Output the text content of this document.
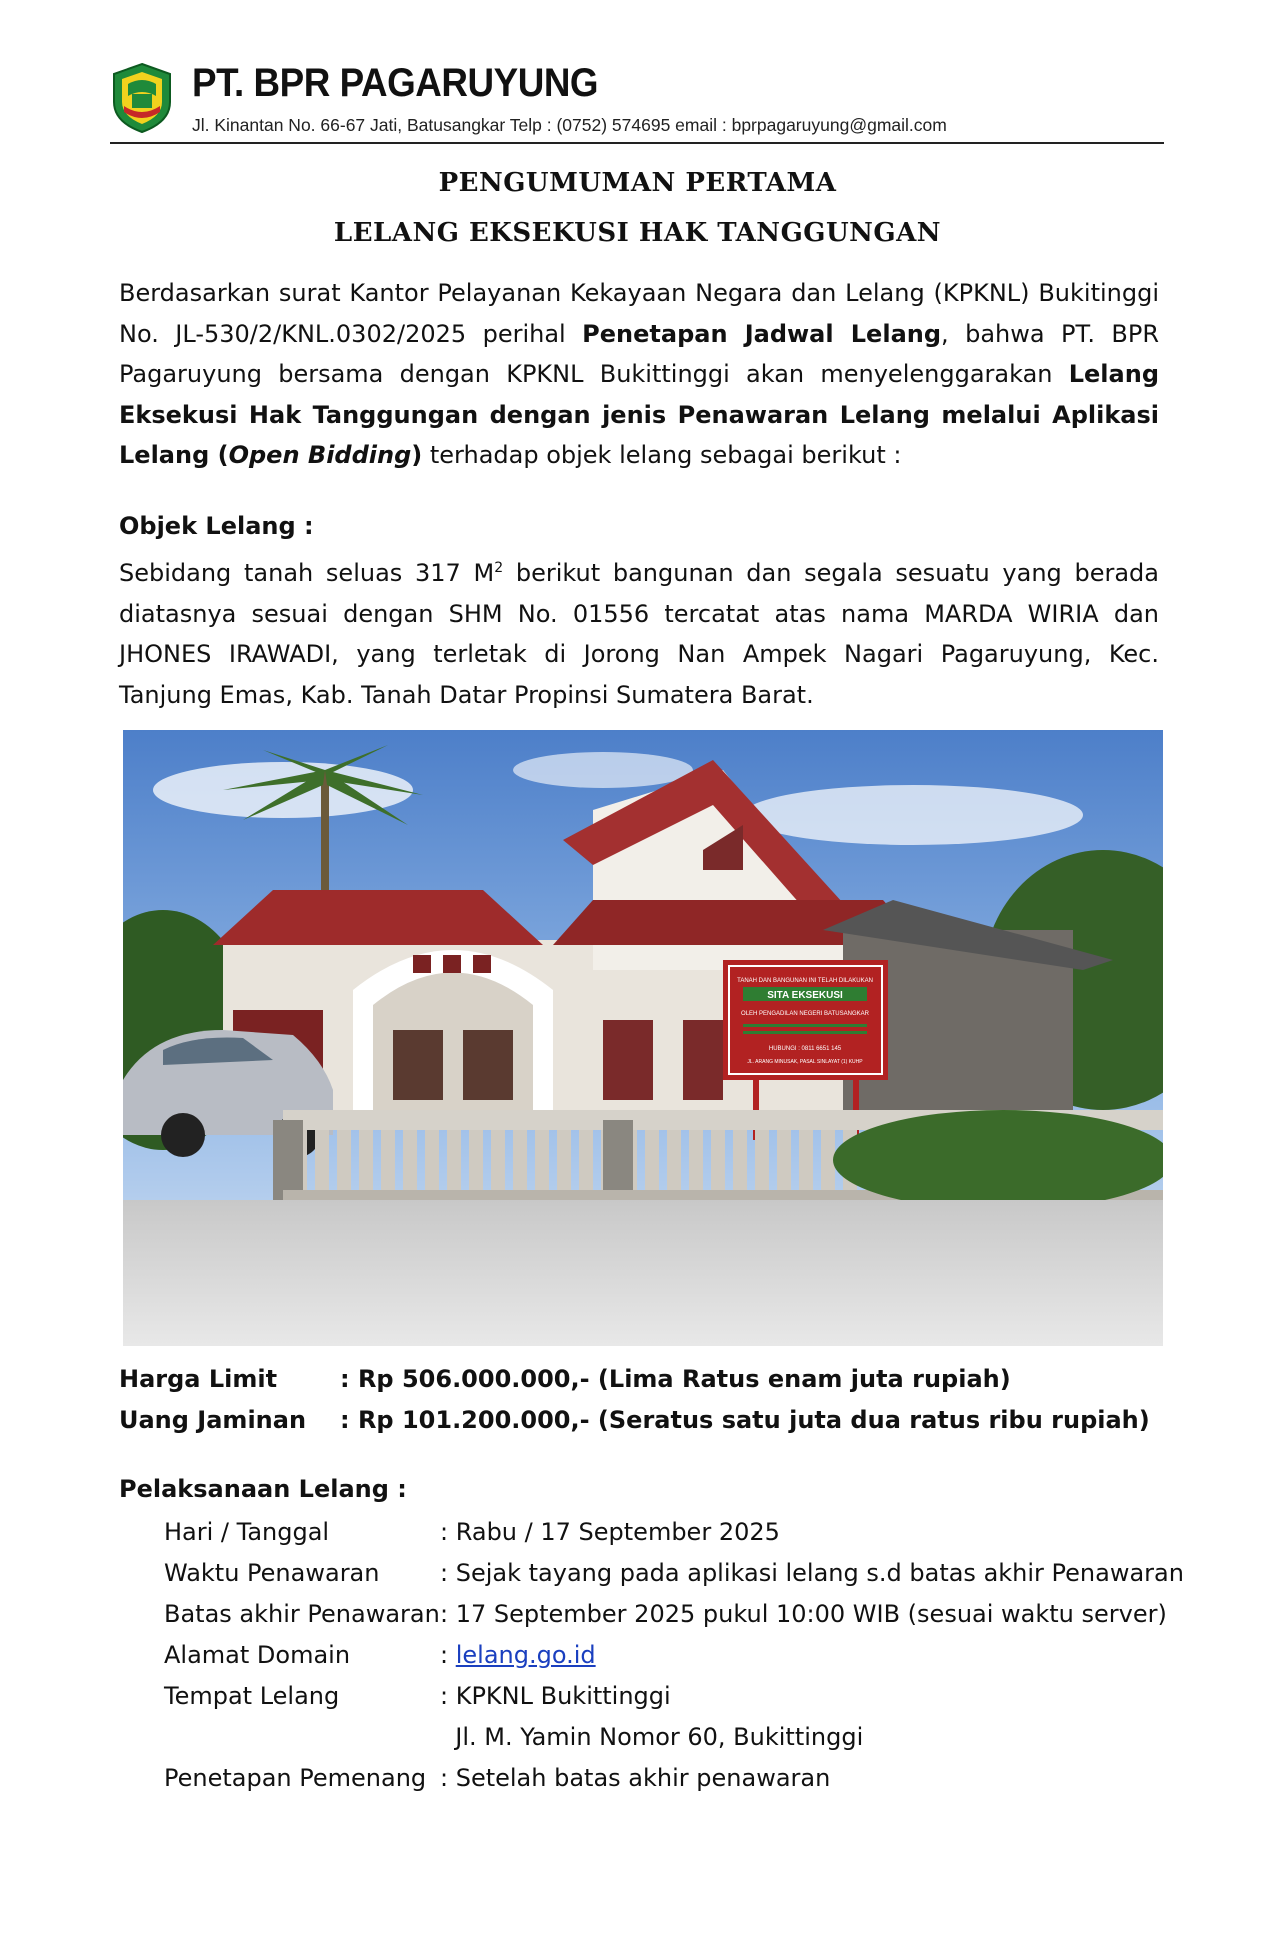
PT. BPR PAGARUYUNG
Jl. Kinantan No. 66-67 Jati, Batusangkar Telp : (0752) 574695 email : bprpagaruyung@gmail.com
PENGUMUMAN PERTAMA
LELANG EKSEKUSI HAK TANGGUNGAN
Berdasarkan surat Kantor Pelayanan Kekayaan Negara dan Lelang (KPKNL) Bukitinggi No. JL-530/2/KNL.0302/2025 perihal Penetapan Jadwal Lelang, bahwa PT. BPR Pagaruyung bersama dengan KPKNL Bukittinggi akan menyelenggarakan Lelang Eksekusi Hak Tanggungan dengan jenis Penawaran Lelang melalui Aplikasi Lelang (Open Bidding) terhadap objek lelang sebagai berikut :
Objek Lelang :
Sebidang tanah seluas 317 $M^2$ berikut bangunan dan segala sesuatu yang berada diatasnya sesuai dengan SHM No. 01556 tercatat atas nama MARDA WIRIA dan JHONES IRAWADI, yang terletak di Jorong Nan Ampek Nagari Pagaruyung, Kec. Tanjung Emas, Kab. Tanah Datar Propinsi Sumatera Barat.
TANAH DAN BANGUNAN INI TELAH DILAKUKAN
SITA EKSEKUSI
OLEH PENGADILAN NEGERI BATUSANGKAR
HUBUNGI : 0811 6651 145
JL. ARANG MINUSAK, PASAL SINLAYAT (1) KUHP
Harga Limit	: Rp 506.000.000,- (Lima Ratus enam juta rupiah)
Uang Jaminan : Rp 101.200.000,- (Seratus satu juta dua ratus ribu rupiah)
Pelaksanaan Lelang :
Hari / Tanggal	: Rabu / 17 September 2025
Waktu Penawaran	: Sejak tayang pada aplikasi lelang s.d batas akhir Penawaran
Batas akhir Penawaran : 17 September 2025 pukul 10:00 WIB (sesuai waktu server)
Alamat Domain	: lelang.go.id
Tempat Lelang	: KPKNL Bukittinggi
Jl. M. Yamin Nomor 60, Bukittinggi
Penetapan Pemenang : Setelah batas akhir penawaran
